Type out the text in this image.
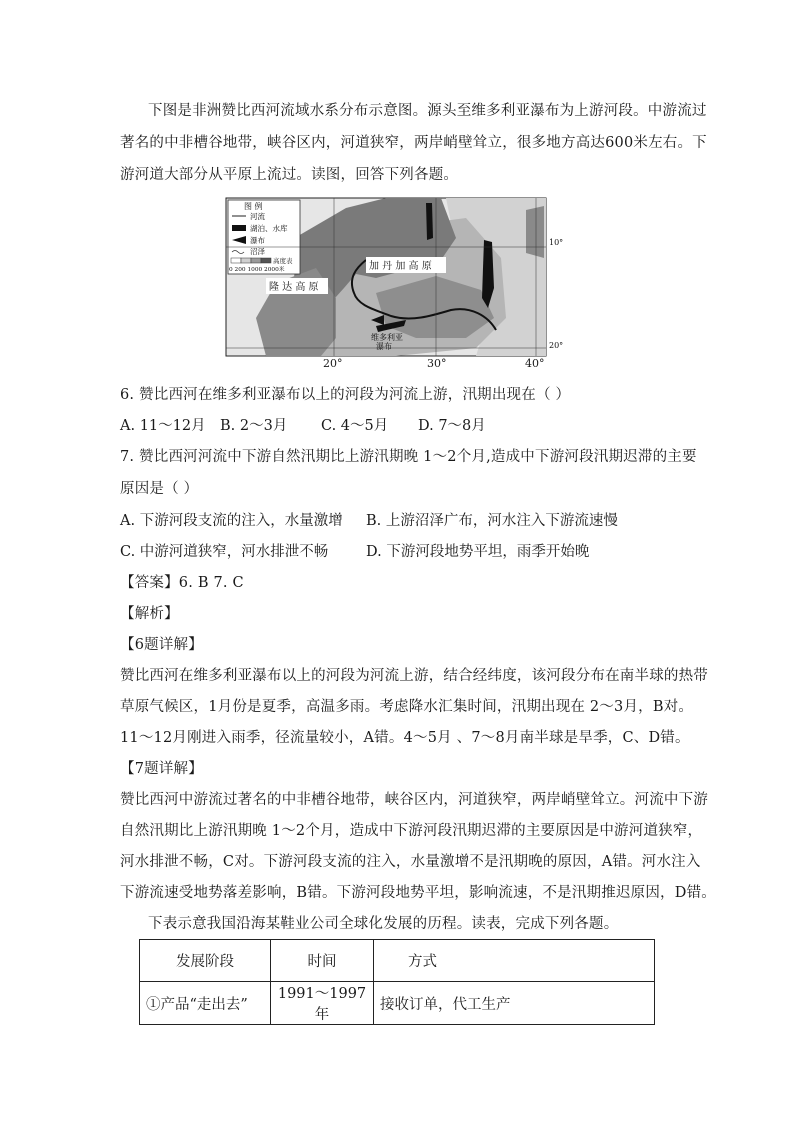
下图是非洲赞比西河流域水系分布示意图。源头至维多利亚瀑布为上游河段。中游流过
著名的中非槽谷地带，峡谷区内，河道狭窄，两岸峭壁耸立，很多地方高达600米左右。下
游河道大部分从平原上流过。读图，回答下列各题。
图 例
河流
湖泊、水库
瀑布
沼泽
高度表
0 200 1000 2000米	加 丹 加 高 原
隆 达 高 原
维多利亚
瀑布
10°
20°
20°	30°	40°
6. 赞比西河在维多利亚瀑布以上的河段为河流上游，汛期出现在（ ）
A. 11～12月 B. 2～3月 C. 4～5月 D. 7～8月
7. 赞比西河河流中下游自然汛期比上游汛期晚 1～2个月,造成中下游河段汛期迟滞的主要
原因是（ ）
A. 下游河段支流的注入，水量激增 B. 上游沼泽广布，河水注入下游流速慢
C. 中游河道狭窄，河水排泄不畅	D. 下游河段地势平坦，雨季开始晚
【答案】6. B 7. C
【解析】
【6题详解】
赞比西河在维多利亚瀑布以上的河段为河流上游，结合经纬度，该河段分布在南半球的热带
草原气候区，1月份是夏季，高温多雨。考虑降水汇集时间，汛期出现在 2～3月，B对。
11～12月刚进入雨季，径流量较小，A错。4～5月 、7～8月南半球是旱季，C、D错。
【7题详解】
赞比西河中游流过著名的中非槽谷地带，峡谷区内，河道狭窄，两岸峭壁耸立。河流中下游
自然汛期比上游汛期晚 1～2个月，造成中下游河段汛期迟滞的主要原因是中游河道狭窄，
河水排泄不畅，C对。下游河段支流的注入，水量激增不是汛期晚的原因，A错。河水注入
下游流速受地势落差影响，B错。下游河段地势平坦，影响流速，不是汛期推迟原因，D错。
下表示意我国沿海某鞋业公司全球化发展的历程。读表，完成下列各题。
发展阶段	时间	方式
①产品“走出去”	1991～1997年	接收订单，代工生产
